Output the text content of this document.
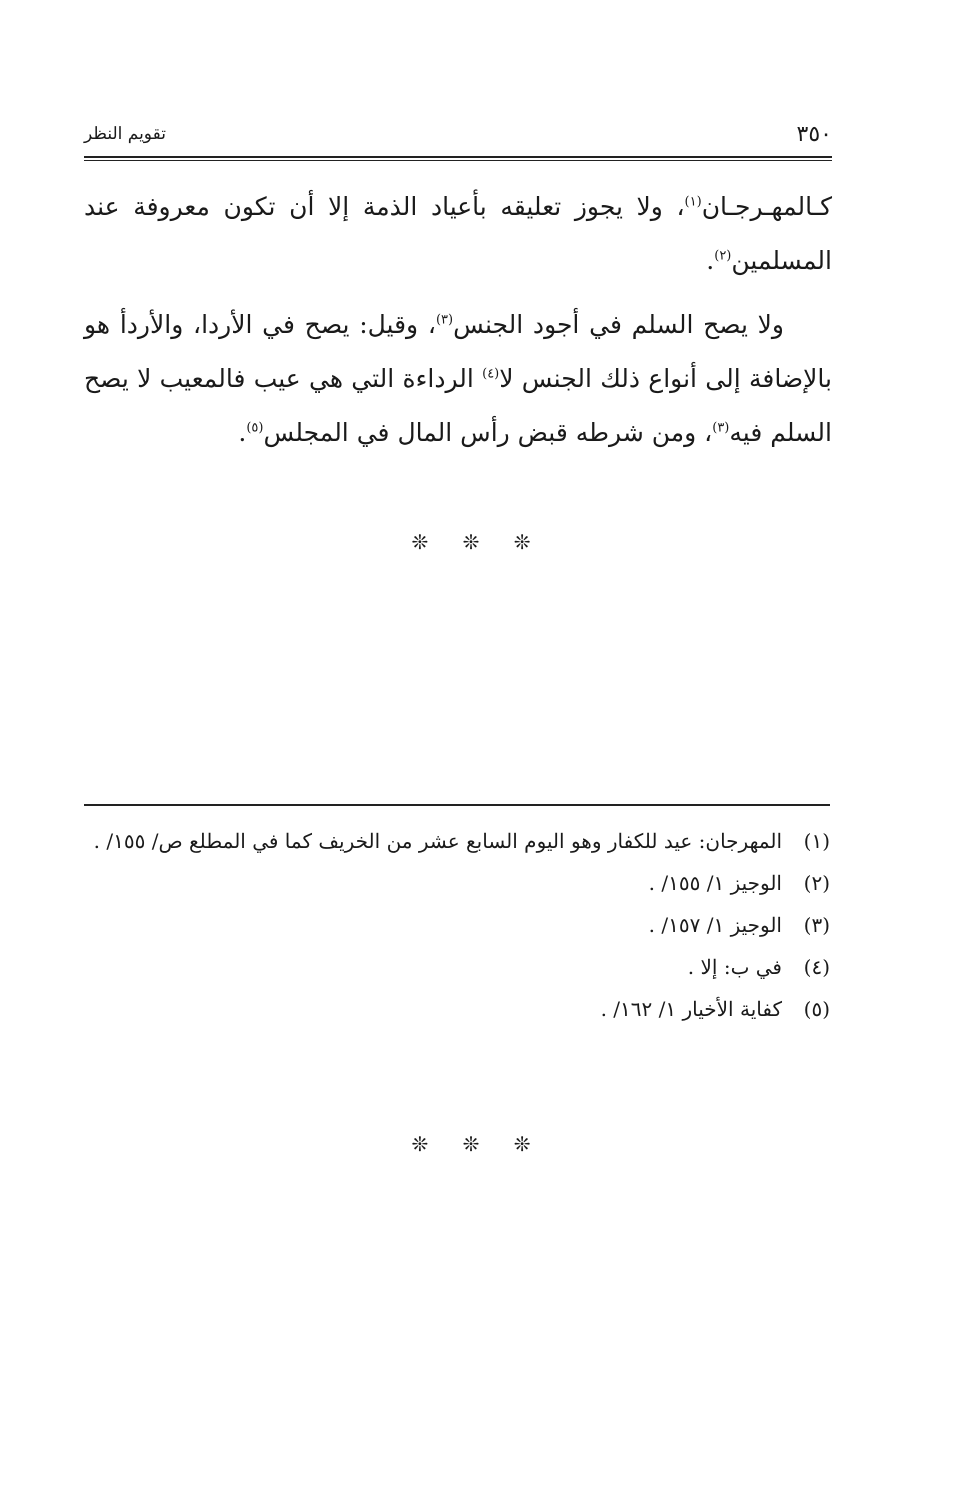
٣٥٠
تقويم النظر

كـالمهـرجـان$^{(١)}$، ولا يجوز تعليقه بأعياد الذمة إلا أن تكون معروفة عند المسلمين$^{(٢)}$.

ولا يصح السلم في أجود الجنس$^{(٣)}$، وقيل: يصح في الأردا، والأردأ هو بالإضافة إلى أنواع ذلك الجنس لا$^{(٤)}$ الرداءة التي هي عيب فالمعيب لا يصح السلم فيه$^{(٣)}$، ومن شرطه قبض رأس المال في المجلس$^{(٥)}$.

❊ ❊ ❊
(١)
المهرجان: عيد للكفار وهو اليوم السابع عشر من الخريف كما في المطلع ص/ ١٥٥/ .
(٢)
الوجيز ١/ ١٥٥/ .
(٣)
الوجيز ١/ ١٥٧/ .
(٤)
في ب: إلا .
(٥)
كفاية الأخيار ١/ ١٦٢/ .
❊ ❊ ❊
